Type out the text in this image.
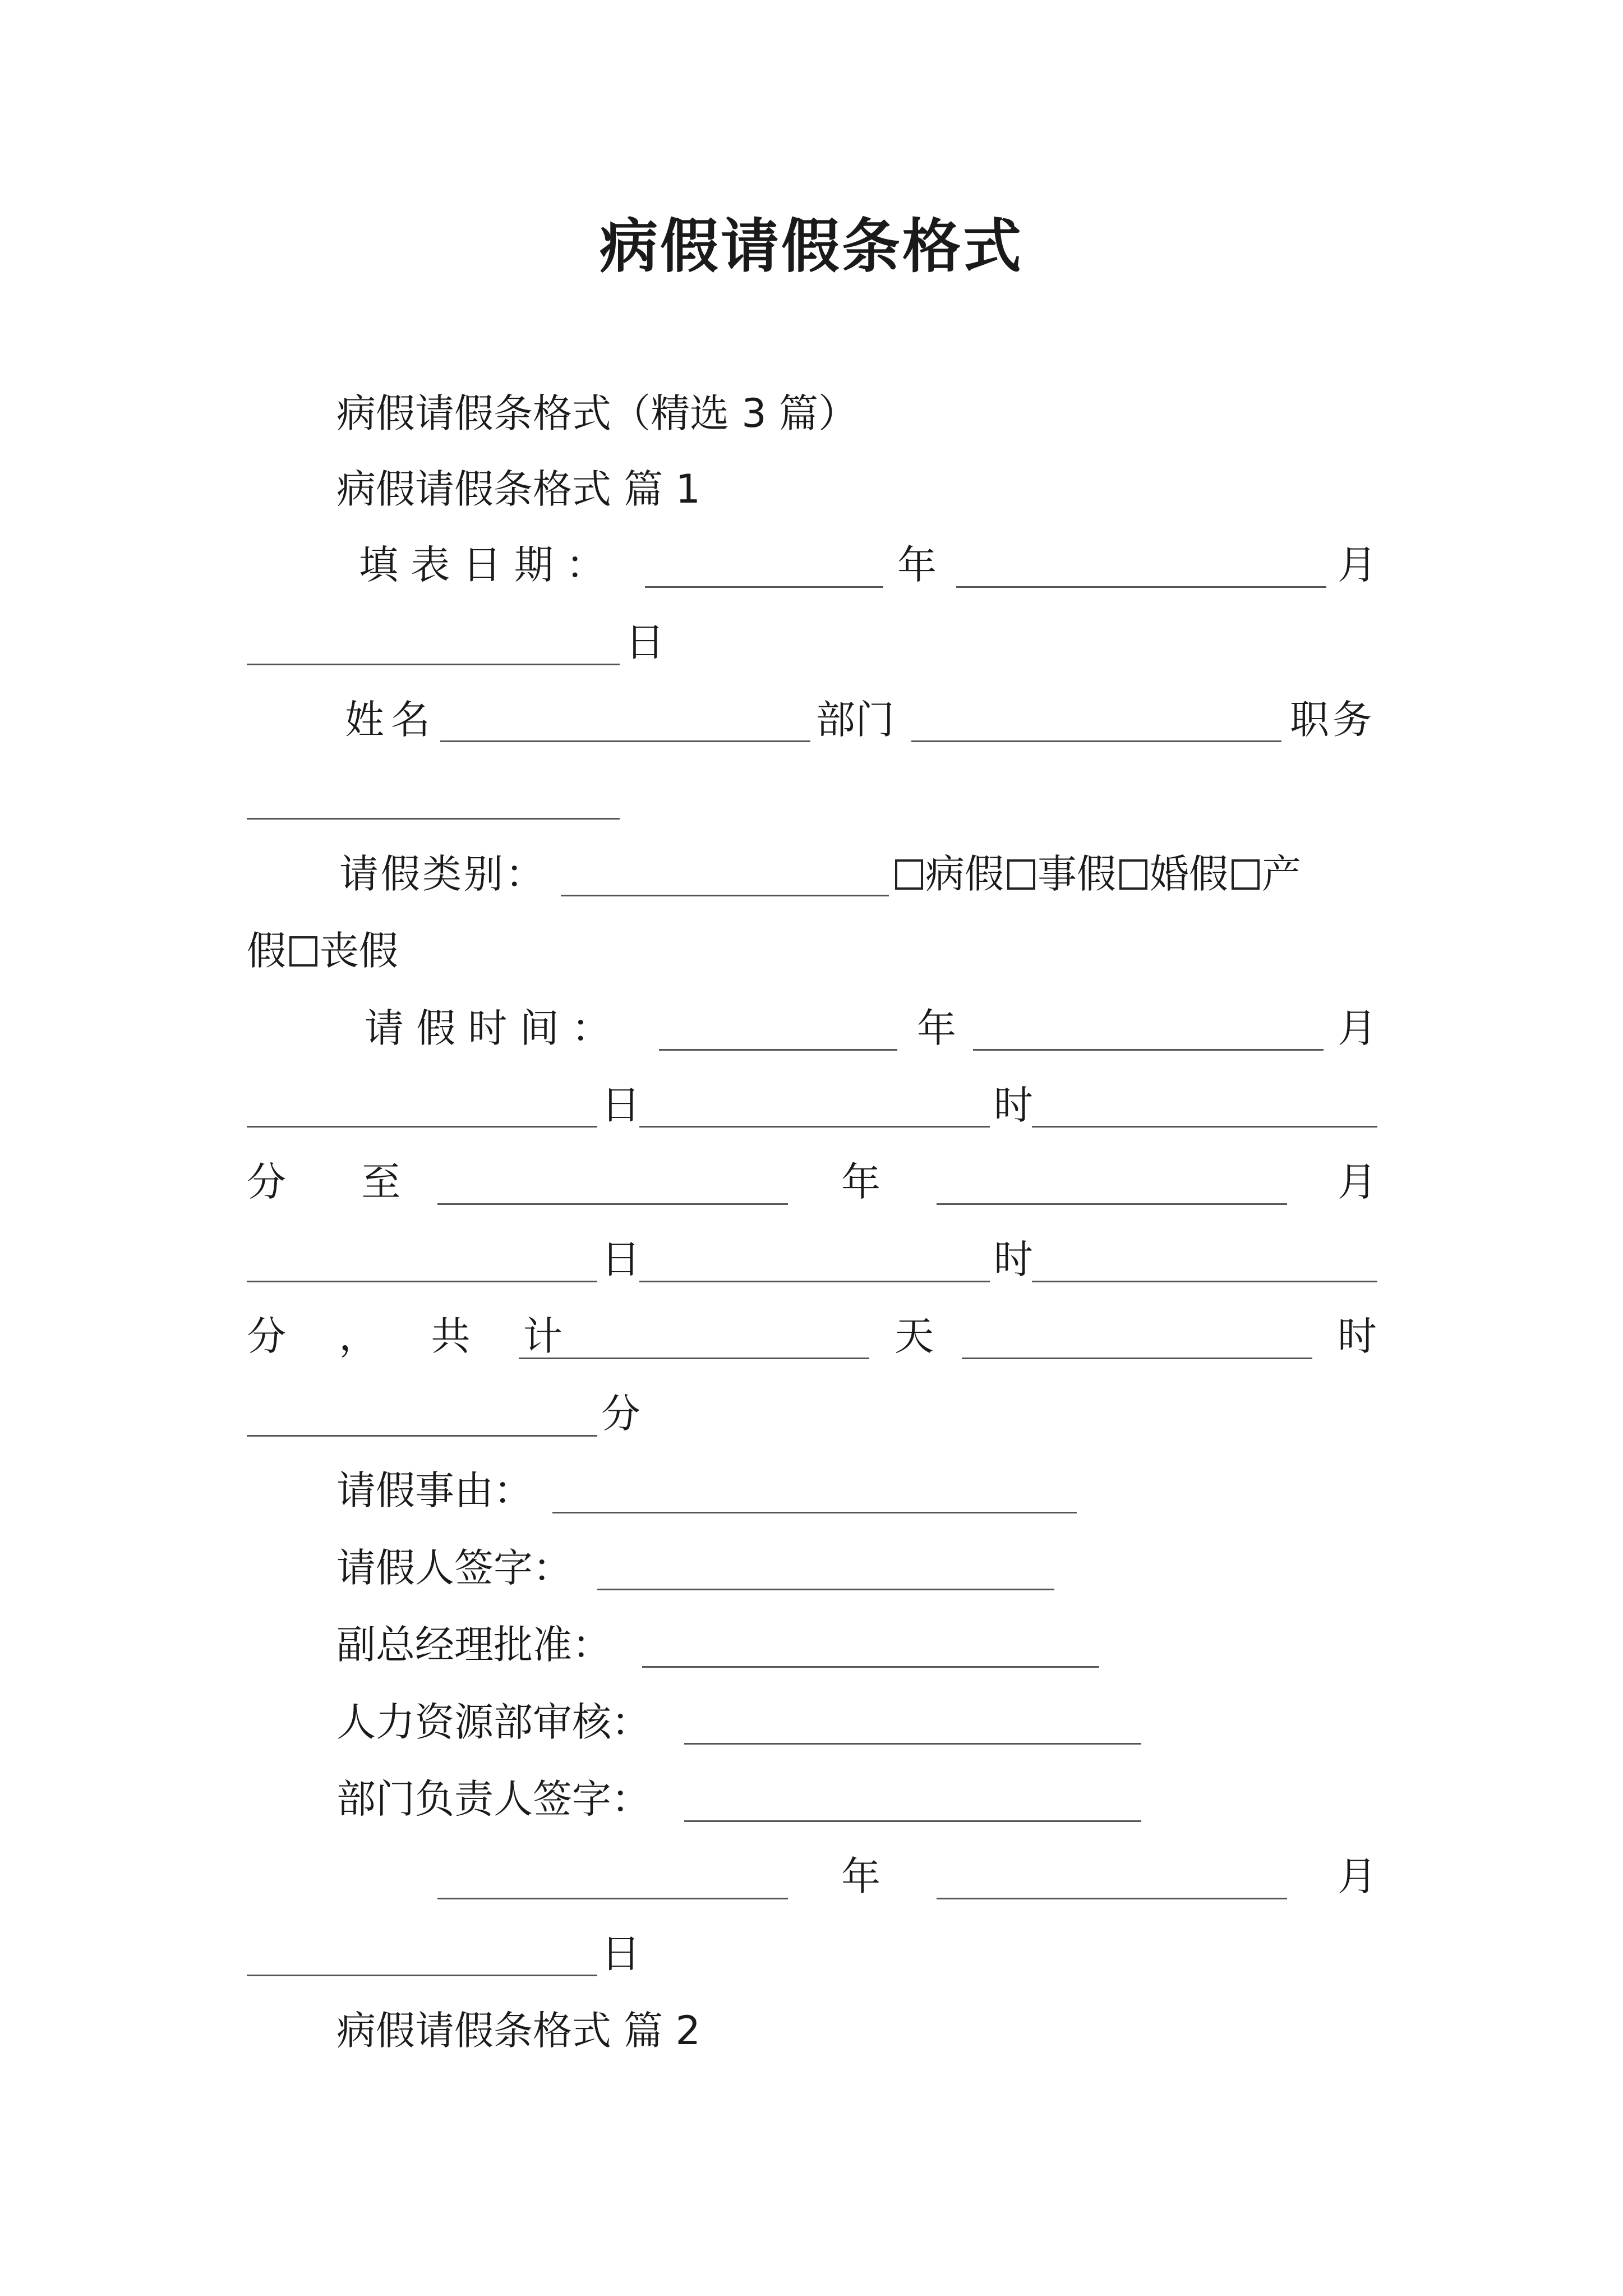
病假请假条格式
病假请假条格式（精选 3 篇）
病假请假条格式 篇 1
填 表 日 期 ：	年	月
日
姓名	部门	职务
请假类别：	病假 事假 婚假 产
假 丧假
请 假 时 间 ：	年	月
日	时
分　 至	年	月
日	时
分 ， 共 计	天	时
分
请假事由：
请假人签字：
副总经理批准：
人力资源部审核：
部门负责人签字：
年	月
日
病假请假条格式 篇 2
